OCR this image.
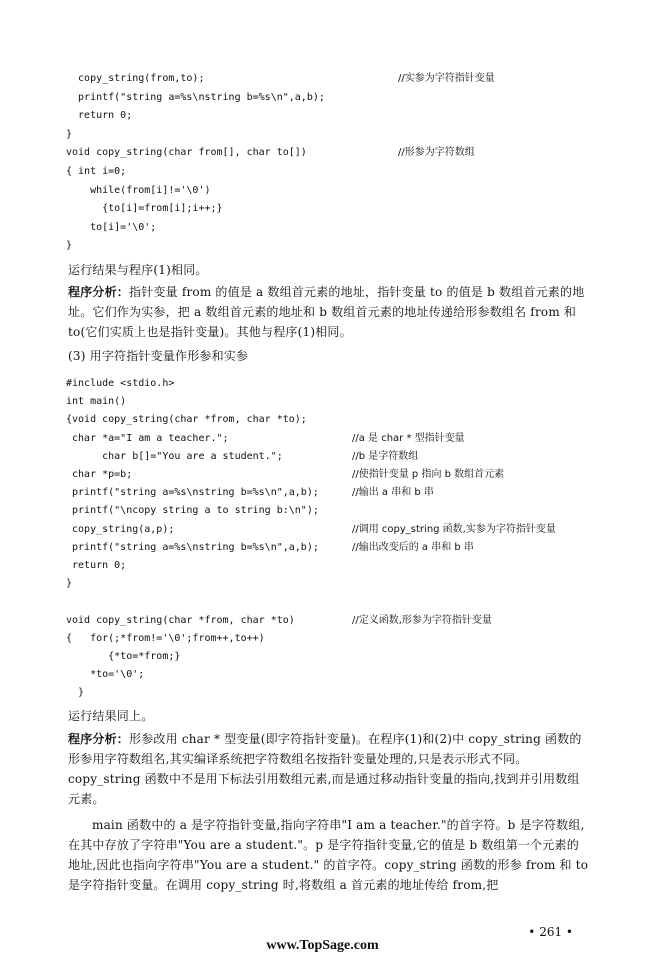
copy_string(from,to);	//实参为字符指针变量
printf("string a=%s\nstring b=%s\n",a,b);
return 0;
}
void copy_string(char from[], char to[])	//形参为字符数组
{ int i=0;
while(from[i]!='\0')
{to[i]=from[i];i++;}
to[i]='\0';
}
运行结果与程序(1)相同。
程序分析：指针变量 from 的值是 a 数组首元素的地址，指针变量 to 的值是 b 数组首元素的地址。它们作为实参，把 a 数组首元素的地址和 b 数组首元素的地址传递给形参数组名 from 和 to(它们实质上也是指针变量)。其他与程序(1)相同。
(3) 用字符指针变量作形参和实参
#include <stdio.h>
int main()
{void copy_string(char *from, char *to);
char *a="I am a teacher.";	//a 是 char * 型指针变量
char b[]="You are a student.";	//b 是字符数组
char *p=b;	//使指针变量 p 指向 b 数组首元素
printf("string a=%s\nstring b=%s\n",a,b);	//输出 a 串和 b 串
printf("\ncopy string a to string b:\n");
copy_string(a,p);	//调用 copy_string 函数,实参为字符指针变量
printf("string a=%s\nstring b=%s\n",a,b);	//输出改变后的 a 串和 b 串
return 0;
}
void copy_string(char *from, char *to)	//定义函数,形参为字符指针变量
{   for(;*from!='\0';from++,to++)
{*to=*from;}
*to='\0';
}
运行结果同上。
程序分析：形参改用 char * 型变量(即字符指针变量)。在程序(1)和(2)中 copy_string 函数的形参用字符数组名,其实编译系统把字符数组名按指针变量处理的,只是表示形式不同。copy_string 函数中不是用下标法引用数组元素,而是通过移动指针变量的指向,找到并引用数组元素。
main 函数中的 a 是字符指针变量,指向字符串"I am a teacher."的首字符。b 是字符数组,在其中存放了字符串"You are a student."。p 是字符指针变量,它的值是 b 数组第一个元素的地址,因此也指向字符串"You are a student." 的首字符。copy_string 函数的形参 from 和 to 是字符指针变量。在调用 copy_string 时,将数组 a 首元素的地址传给 from,把
• 261 •
www.TopSage.com
